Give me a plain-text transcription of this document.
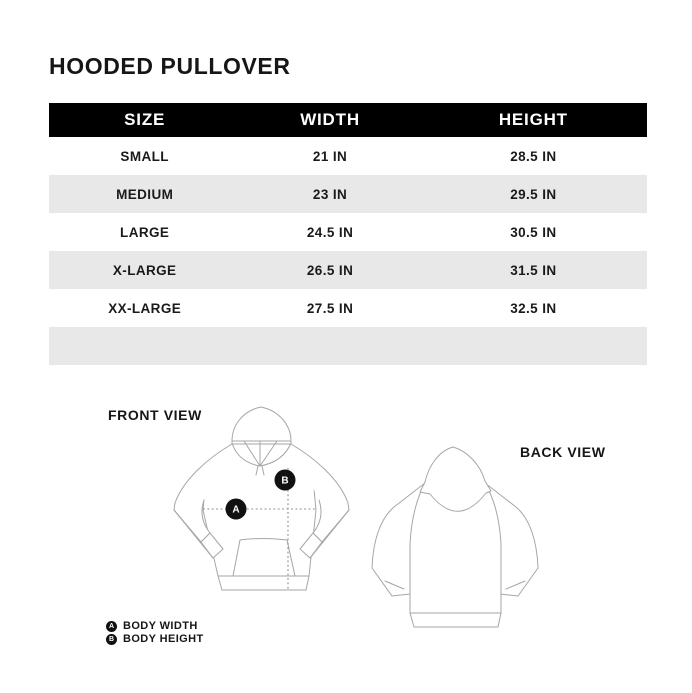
HOODED PULLOVER
SIZE	WIDTH	HEIGHT
SMALL	21 IN	28.5 IN
MEDIUM	23 IN	29.5 IN
LARGE	24.5 IN	30.5 IN
X-LARGE	26.5 IN	31.5 IN
XX-LARGE	27.5 IN	32.5 IN
FRONT VIEW
BACK VIEW
A
B
A BODY WIDTH
B BODY HEIGHT
